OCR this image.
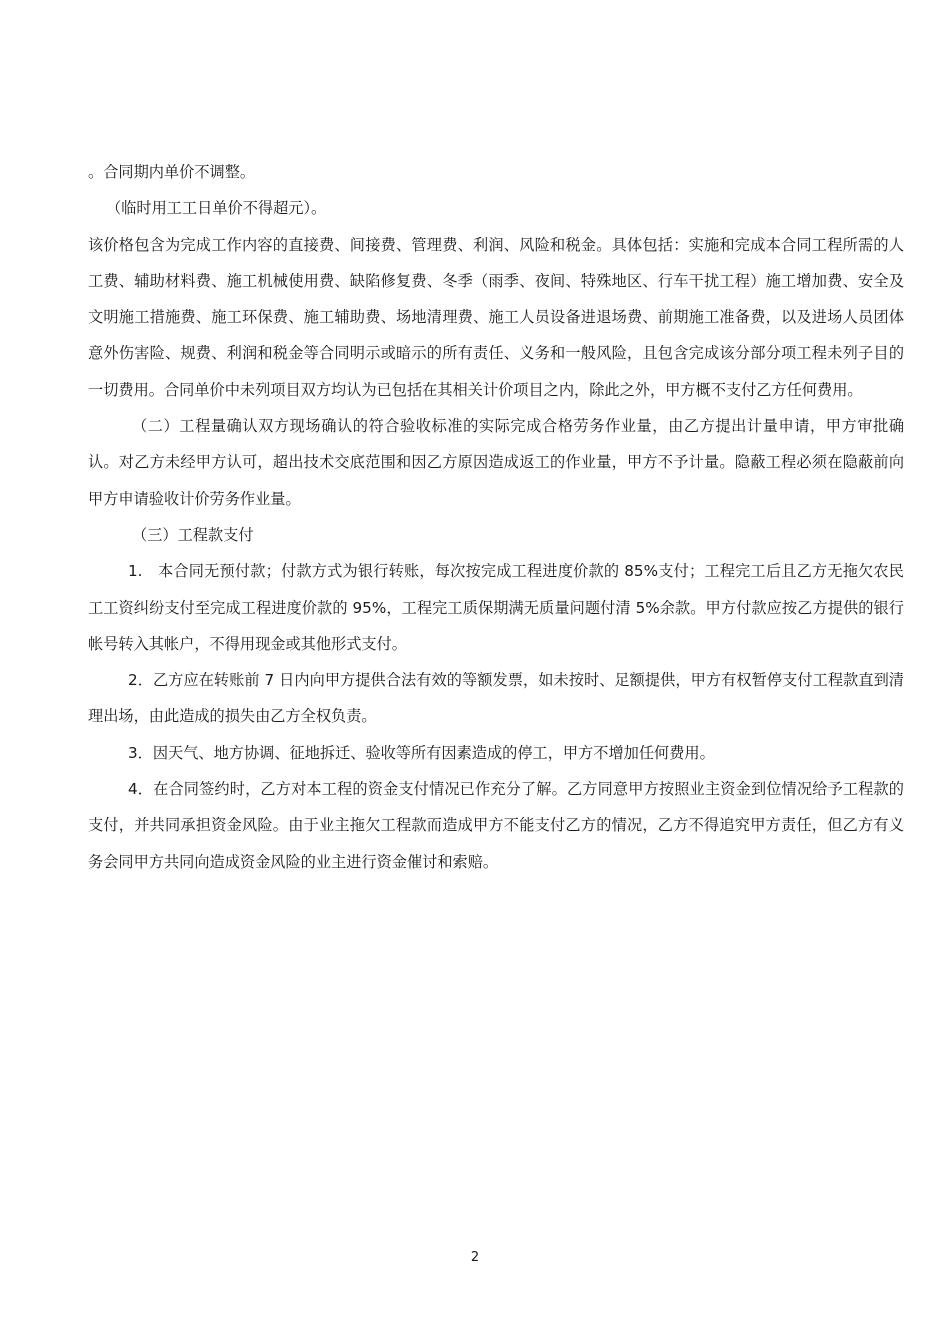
。合同期内单价不调整。

（临时用工工日单价不得超元）。

该价格包含为完成工作内容的直接费、间接费、管理费、利润、风险和税金。具体包括：实施和完成本合同工程所需的人工费、辅助材料费、施工机械使用费、缺陷修复费、冬季（雨季、夜间、特殊地区、行车干扰工程）施工增加费、安全及文明施工措施费、施工环保费、施工辅助费、场地清理费、施工人员设备进退场费、前期施工准备费，以及进场人员团体意外伤害险、规费、利润和税金等合同明示或暗示的所有责任、义务和一般风险，且包含完成该分部分项工程未列子目的一切费用。合同单价中未列项目双方均认为已包括在其相关计价项目之内，除此之外，甲方概不支付乙方任何费用。

（二）工程量确认双方现场确认的符合验收标准的实际完成合格劳务作业量，由乙方提出计量申请，甲方审批确认。对乙方未经甲方认可，超出技术交底范围和因乙方原因造成返工的作业量，甲方不予计量。隐蔽工程必须在隐蔽前向甲方申请验收计价劳务作业量。

（三）工程款支付

1.　本合同无预付款；付款方式为银行转账，每次按完成工程进度价款的 85%支付；工程完工后且乙方无拖欠农民工工资纠纷支付至完成工程进度价款的 95%，工程完工质保期满无质量问题付清 5%余款。甲方付款应按乙方提供的银行帐号转入其帐户，不得用现金或其他形式支付。

2．乙方应在转账前 7 日内向甲方提供合法有效的等额发票，如未按时、足额提供，甲方有权暂停支付工程款直到清理出场，由此造成的损失由乙方全权负责。

3．因天气、地方协调、征地拆迁、验收等所有因素造成的停工，甲方不增加任何费用。

4．在合同签约时，乙方对本工程的资金支付情况已作充分了解。乙方同意甲方按照业主资金到位情况给予工程款的支付，并共同承担资金风险。由于业主拖欠工程款而造成甲方不能支付乙方的情况，乙方不得追究甲方责任，但乙方有义务会同甲方共同向造成资金风险的业主进行资金催讨和索赔。

2
